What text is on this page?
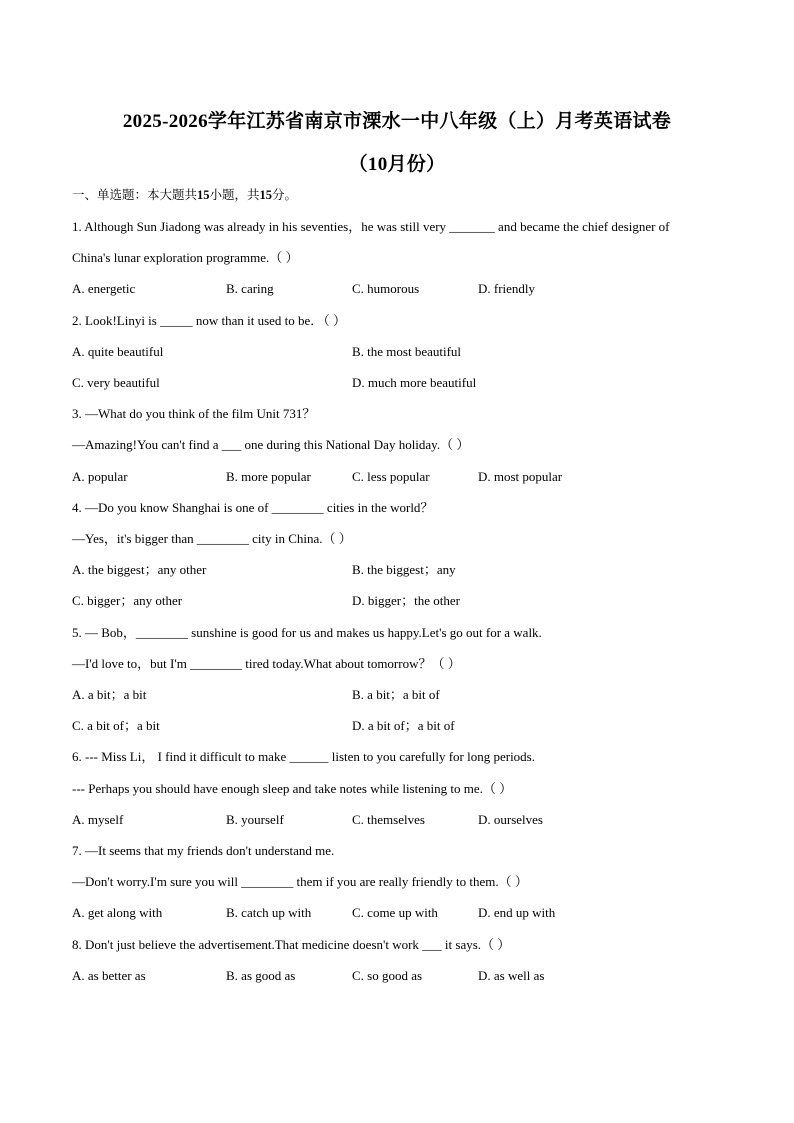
2025-2026学年江苏省南京市溧水一中八年级（上）月考英语试卷
（10月份）
一、单选题：本大题共15小题，共15分。
1. Although Sun Jiadong was already in his seventies，he was still very _______ and became the chief designer of
China's lunar exploration programme.（ ）
A. energetic	B. caring	C. humorous	D. friendly
2. Look!Linyi is _____ now than it used to be．（ ）
A. quite beautiful	B. the most beautiful
C. very beautiful	D. much more beautiful
3. —What do you think of the film Unit 731？
—Amazing!You can't find a ___ one during this National Day holiday.（ ）
A. popular	B. more popular	C. less popular	D. most popular
4. —Do you know Shanghai is one of ________ cities in the world？
—Yes，it's bigger than ________ city in China.（ ）
A. the biggest；any other	B. the biggest；any
C. bigger；any other	D. bigger；the other
5. — Bob，________ sunshine is good for us and makes us happy.Let's go out for a walk.
—I'd love to，but I'm ________ tired today.What about tomorrow？（ ）
A. a bit；a bit	B. a bit；a bit of
C. a bit of；a bit	D. a bit of；a bit of
6. --- Miss Li， I find it difficult to make ______ listen to you carefully for long periods.
--- Perhaps you should have enough sleep and take notes while listening to me.（ ）
A. myself	B. yourself	C. themselves	D. ourselves
7. —It seems that my friends don't understand me.
—Don't worry.I'm sure you will ________ them if you are really friendly to them.（ ）
A. get along with	B. catch up with	C. come up with	D. end up with
8. Don't just believe the advertisement.That medicine doesn't work ___ it says.（ ）
A. as better as	B. as good as	C. so good as	D. as well as
